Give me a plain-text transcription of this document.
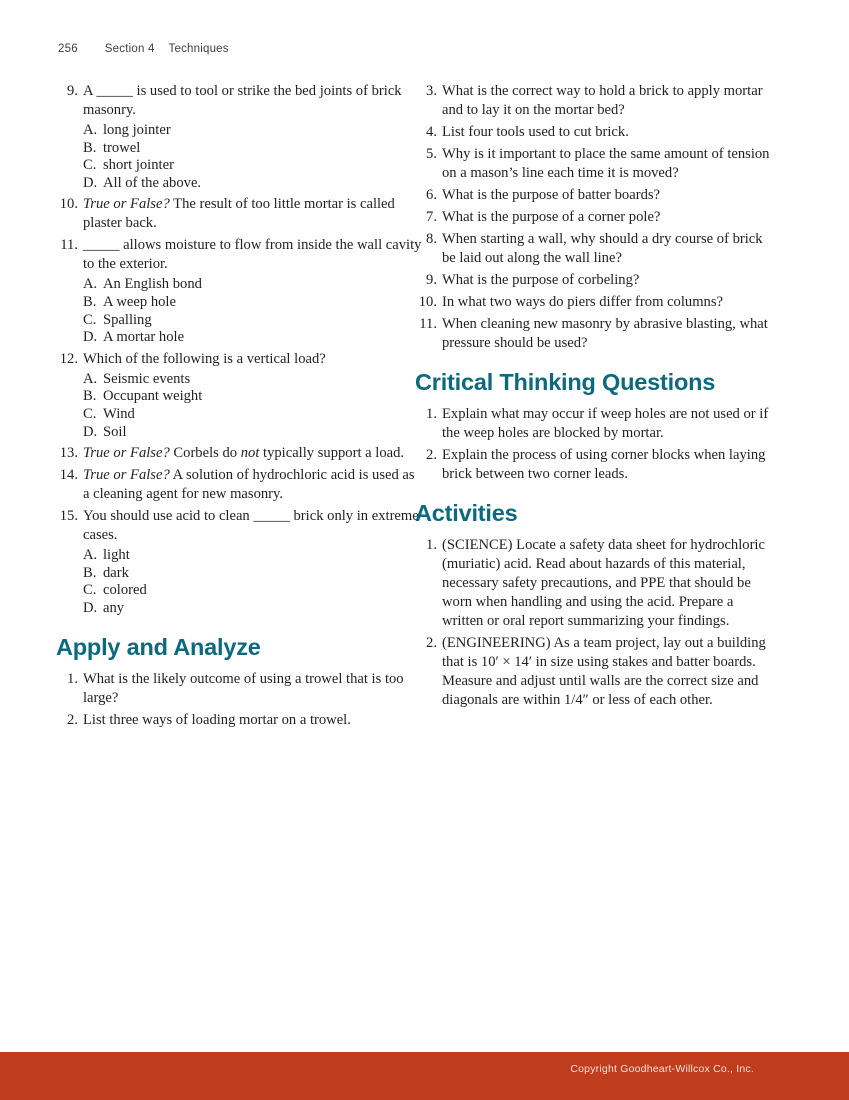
256 Section 4 Techniques
9. A _____ is used to tool or strike the bed joints of brick masonry.
A. long jointer
B. trowel
C. short jointer
D. All of the above.
10. True or False? The result of too little mortar is called plaster back.
11. _____ allows moisture to flow from inside the wall cavity to the exterior.
A. An English bond
B. A weep hole
C. Spalling
D. A mortar hole
12. Which of the following is a vertical load?
A. Seismic events
B. Occupant weight
C. Wind
D. Soil
13. True or False? Corbels do not typically support a load.
14. True or False? A solution of hydrochloric acid is used as a cleaning agent for new masonry.
15. You should use acid to clean _____ brick only in extreme cases.
A. light
B. dark
C. colored
D. any
Apply and Analyze
1. What is the likely outcome of using a trowel that is too large?
2. List three ways of loading mortar on a trowel.
3. What is the correct way to hold a brick to apply mortar and to lay it on the mortar bed?
4. List four tools used to cut brick.
5. Why is it important to place the same amount of tension on a mason’s line each time it is moved?
6. What is the purpose of batter boards?
7. What is the purpose of a corner pole?
8. When starting a wall, why should a dry course of brick be laid out along the wall line?
9. What is the purpose of corbeling?
10. In what two ways do piers differ from columns?
11. When cleaning new masonry by abrasive blasting, what pressure should be used?
Critical Thinking Questions
1. Explain what may occur if weep holes are not used or if the weep holes are blocked by mortar.
2. Explain the process of using corner blocks when laying brick between two corner leads.
Activities
1. (SCIENCE) Locate a safety data sheet for hydrochloric (muriatic) acid. Read about hazards of this material, necessary safety precautions, and PPE that should be worn when handling and using the acid. Prepare a written or oral report summarizing your findings.
2. (ENGINEERING) As a team project, lay out a building that is 10′ × 14′ in size using stakes and batter boards. Measure and adjust until walls are the correct size and diagonals are within 1/4″ or less of each other.
Copyright Goodheart-Willcox Co., Inc.
